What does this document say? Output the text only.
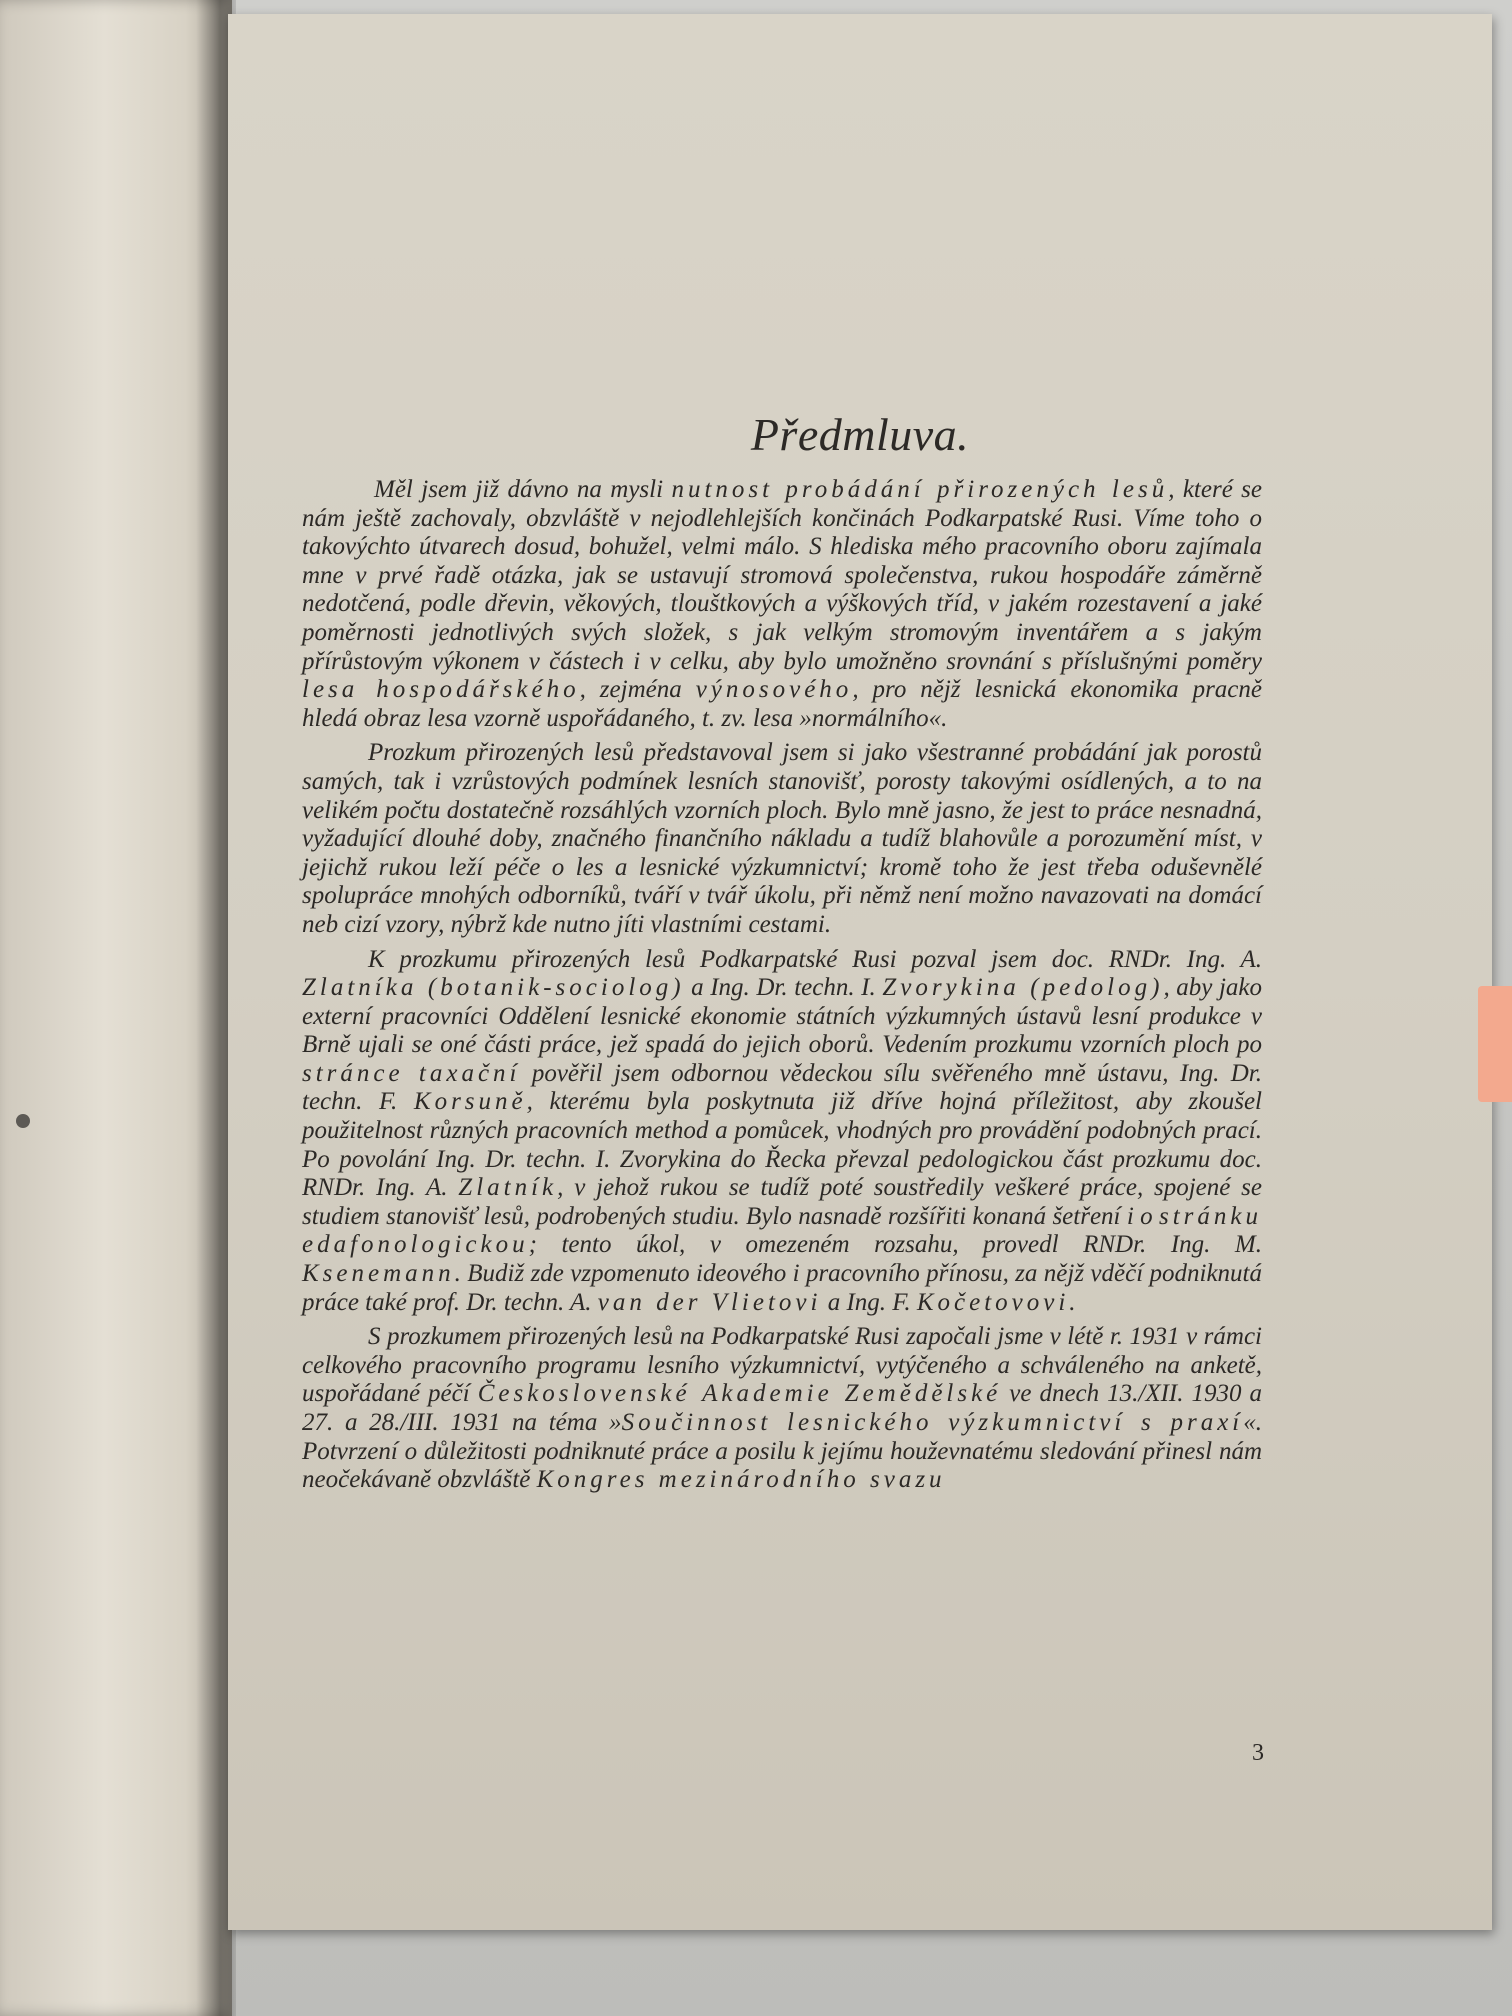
Předmluva.

Měl jsem již dávno na mysli nutnost probádání přirozených lesů, které se nám ještě zachovaly, obzvláště v nejodlehlejších končinách Podkarpatské Rusi. Víme toho o takovýchto útvarech dosud, bohužel, velmi málo. S hlediska mého pracovního oboru zajímala mne v prvé řadě otázka, jak se ustavují stromová společenstva, rukou hospodáře záměrně nedotčená, podle dřevin, věkových, tlouštkových a výškových tříd, v jakém rozestavení a jaké poměrnosti jednotlivých svých složek, s jak velkým stromovým inventářem a s jakým přírůstovým výkonem v částech i v celku, aby bylo umožněno srovnání s příslušnými poměry lesa hospodářského, zejména výnosového, pro nějž lesnická ekonomika pracně hledá obraz lesa vzorně uspořádaného, t. zv. lesa »normálního«.

Prozkum přirozených lesů představoval jsem si jako všestranné probádání jak porostů samých, tak i vzrůstových podmínek lesních stanovišť, porosty takovými osídlených, a to na velikém počtu dostatečně rozsáhlých vzorních ploch. Bylo mně jasno, že jest to práce nesnadná, vyžadující dlouhé doby, značného finančního nákladu a tudíž blahovůle a porozumění míst, v jejichž rukou leží péče o les a lesnické výzkumnictví; kromě toho že jest třeba oduševnělé spolupráce mnohých odborníků, tváří v tvář úkolu, při němž není možno navazovati na domácí neb cizí vzory, nýbrž kde nutno jíti vlastními cestami.

K prozkumu přirozených lesů Podkarpatské Rusi pozval jsem doc. RNDr. Ing. A. Zlatníka (botanik-sociolog) a Ing. Dr. techn. I. Zvorykina (pedolog), aby jako externí pracovníci Oddělení lesnické ekonomie státních výzkumných ústavů lesní produkce v Brně ujali se oné části práce, jež spadá do jejich oborů. Vedením prozkumu vzorních ploch po stránce taxační pověřil jsem odbornou vědeckou sílu svěřeného mně ústavu, Ing. Dr. techn. F. Korsuně, kterému byla poskytnuta již dříve hojná příležitost, aby zkoušel použitelnost různých pracovních method a pomůcek, vhodných pro provádění podobných prací. Po povolání Ing. Dr. techn. I. Zvorykina do Řecka převzal pedologickou část prozkumu doc. RNDr. Ing. A. Zlatník, v jehož rukou se tudíž poté soustředily veškeré práce, spojené se studiem stanovišť lesů, podrobených studiu. Bylo nasnadě rozšířiti konaná šetření i o stránku edafonologickou; tento úkol, v omezeném rozsahu, provedl RNDr. Ing. M. Ksenemann. Budiž zde vzpomenuto ideového i pracovního přínosu, za nějž vděčí podniknutá práce také prof. Dr. techn. A. van der Vlietovi a Ing. F. Kočetovovi.

S prozkumem přirozených lesů na Podkarpatské Rusi započali jsme v létě r. 1931 v rámci celkového pracovního programu lesního výzkumnictví, vytýčeného a schváleného na anketě, uspořádané péčí Československé Akademie Zemědělské ve dnech 13./XII. 1930 a 27. a 28./III. 1931 na téma »Součinnost lesnického výzkumnictví s praxí«. Potvrzení o důležitosti podniknuté práce a posilu k jejímu houževnatému sledování přinesl nám neočekávaně obzvláště Kongres mezinárodního svazu

3
